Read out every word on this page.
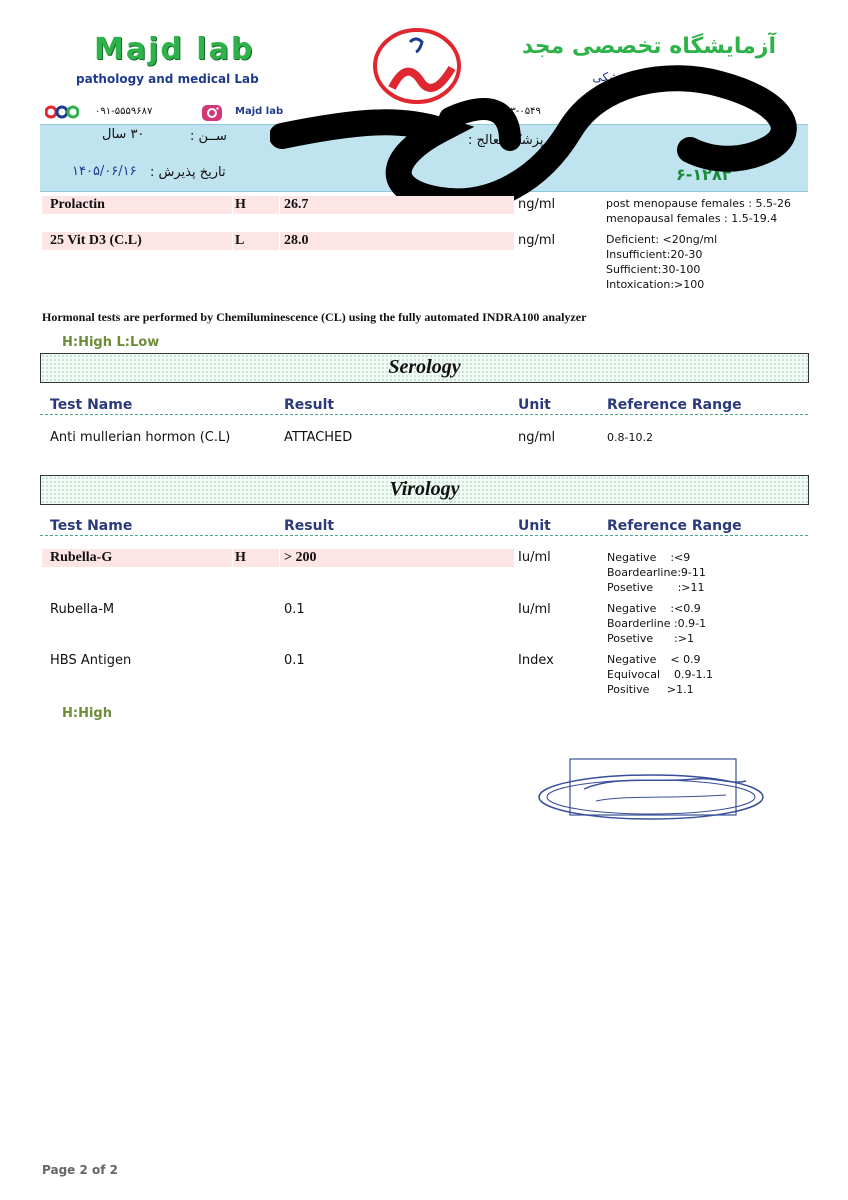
Majd lab
pathology and medical Lab
آزمایشگاه تخصصی مجد
پاتولوژی و تشخیص پزشکی
۰۹۱-۵۵۵۹۶۸۷	Majd lab	۲۳-۰۵۴۹
ســن :
۳۰ سال
تاریخ پذیرش :
۱۴۰۵/۰۶/۱۶
پزشک معالج :
۶-۱۲۸۳
Prolactin	H	26.7	ng/ml	post menopause females : 5.5-26
menopausal females : 1.5-19.4
25 Vit D3 (C.L)	L	28.0	ng/ml	Deficient: <20ng/ml
Insufficient:20-30
Sufficient:30-100
Intoxication:>100
Hormonal tests are performed by Chemiluminescence (CL) using the fully automated INDRA100 analyzer
H:High L:Low
Serology
Test Name	Result	Unit	Reference Range
Anti mullerian hormon (C.L)	ATTACHED	ng/ml	0.8-10.2
Virology
Test Name	Result	Unit	Reference Range
Rubella-G	H	> 200	Iu/ml	Negative    :<9
Boardearline:9-11
Posetive       :>11
Rubella-M	0.1	Iu/ml	Negative    :<0.9
Boarderline :0.9-1
Posetive      :>1
HBS Antigen	0.1	Index	Negative    < 0.9
Equivocal    0.9-1.1
Positive     >1.1
H:High
Page 2 of 2
